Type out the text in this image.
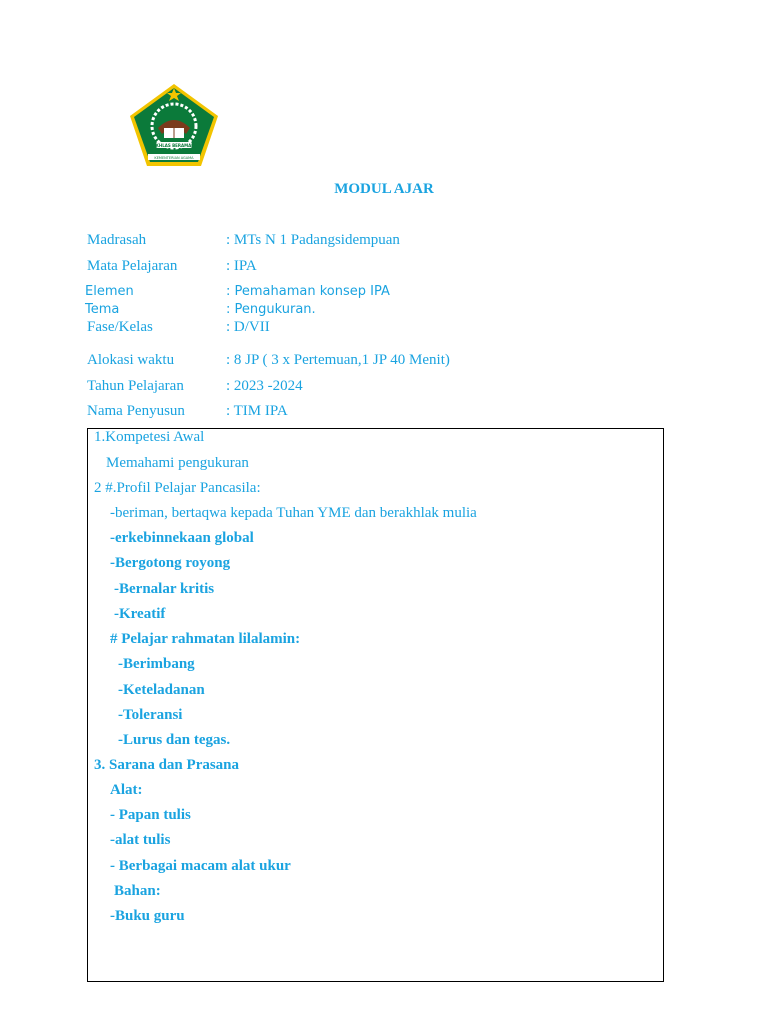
IKHLAS BERAMAL
KEMENTERIAN AGAMA
MODUL AJAR
Madrasah	: MTs N 1 Padangsidempuan
Mata Pelajaran	: IPA
Elemen	: Pemahaman konsep IPA
Tema	: Pengukuran.
Fase/Kelas	: D/VII
Alokasi waktu	: 8 JP ( 3 x Pertemuan,1 JP 40 Menit)
Tahun Pelajaran	: 2023 -2024
Nama Penyusun	: TIM IPA
1.Kompetesi Awal
Memahami pengukuran
2 #.Profil Pelajar Pancasila:
-beriman, bertaqwa kepada Tuhan YME dan berakhlak mulia
-erkebinnekaan global
-Bergotong royong
-Bernalar kritis
-Kreatif
# Pelajar rahmatan lilalamin:
-Berimbang
-Keteladanan
-Toleransi
-Lurus dan tegas.
3. Sarana dan Prasana
Alat:
- Papan tulis
-alat tulis
- Berbagai macam alat ukur
Bahan:
-Buku guru
